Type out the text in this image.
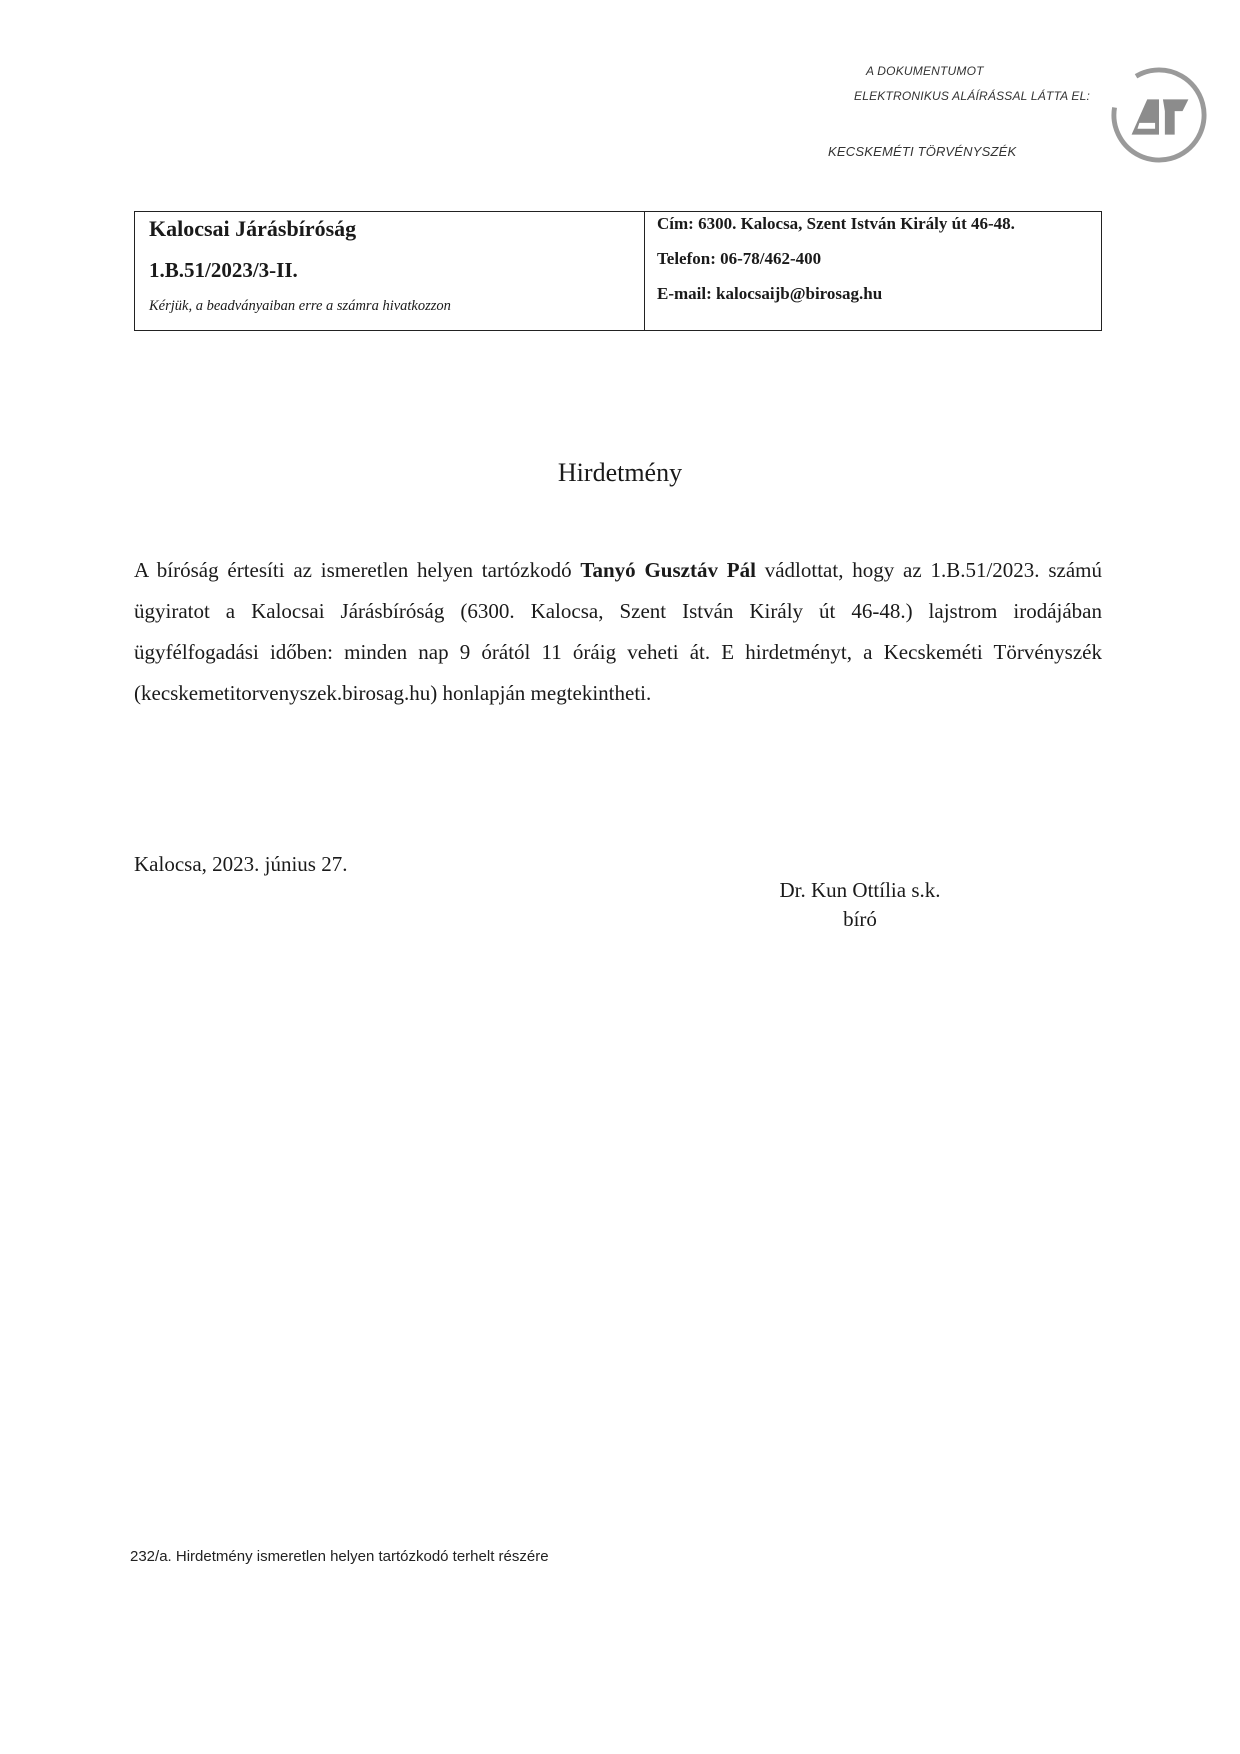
A DOKUMENTUMOT
ELEKTRONIKUS ALÁÍRÁSSAL LÁTTA EL:
KECSKEMÉTI TÖRVÉNYSZÉK
Kalocsai Járásbíróság
1.B.51/2023/3-II.
Kérjük, a beadványaiban erre a számra hivatkozzon
Cím: 6300. Kalocsa, Szent István Király út 46-48.
Telefon: 06-78/462-400
E-mail: kalocsaijb@birosag.hu
Hirdetmény

A bíróság értesíti az ismeretlen helyen tartózkodó Tanyó Gusztáv Pál vádlottat, hogy az 1.B.51/2023. számú ügyiratot a Kalocsai Járásbíróság (6300. Kalocsa, Szent István Király út 46-48.) lajstrom irodájában ügyfélfogadási időben: minden nap 9 órától 11 óráig veheti át. E hirdetményt, a Kecskeméti Törvényszék (kecskemetitorvenyszek.birosag.hu) honlapján megtekintheti.

Kalocsa, 2023. június 27.
Dr. Kun Ottília s.k.
bíró
232/a. Hirdetmény ismeretlen helyen tartózkodó terhelt részére
